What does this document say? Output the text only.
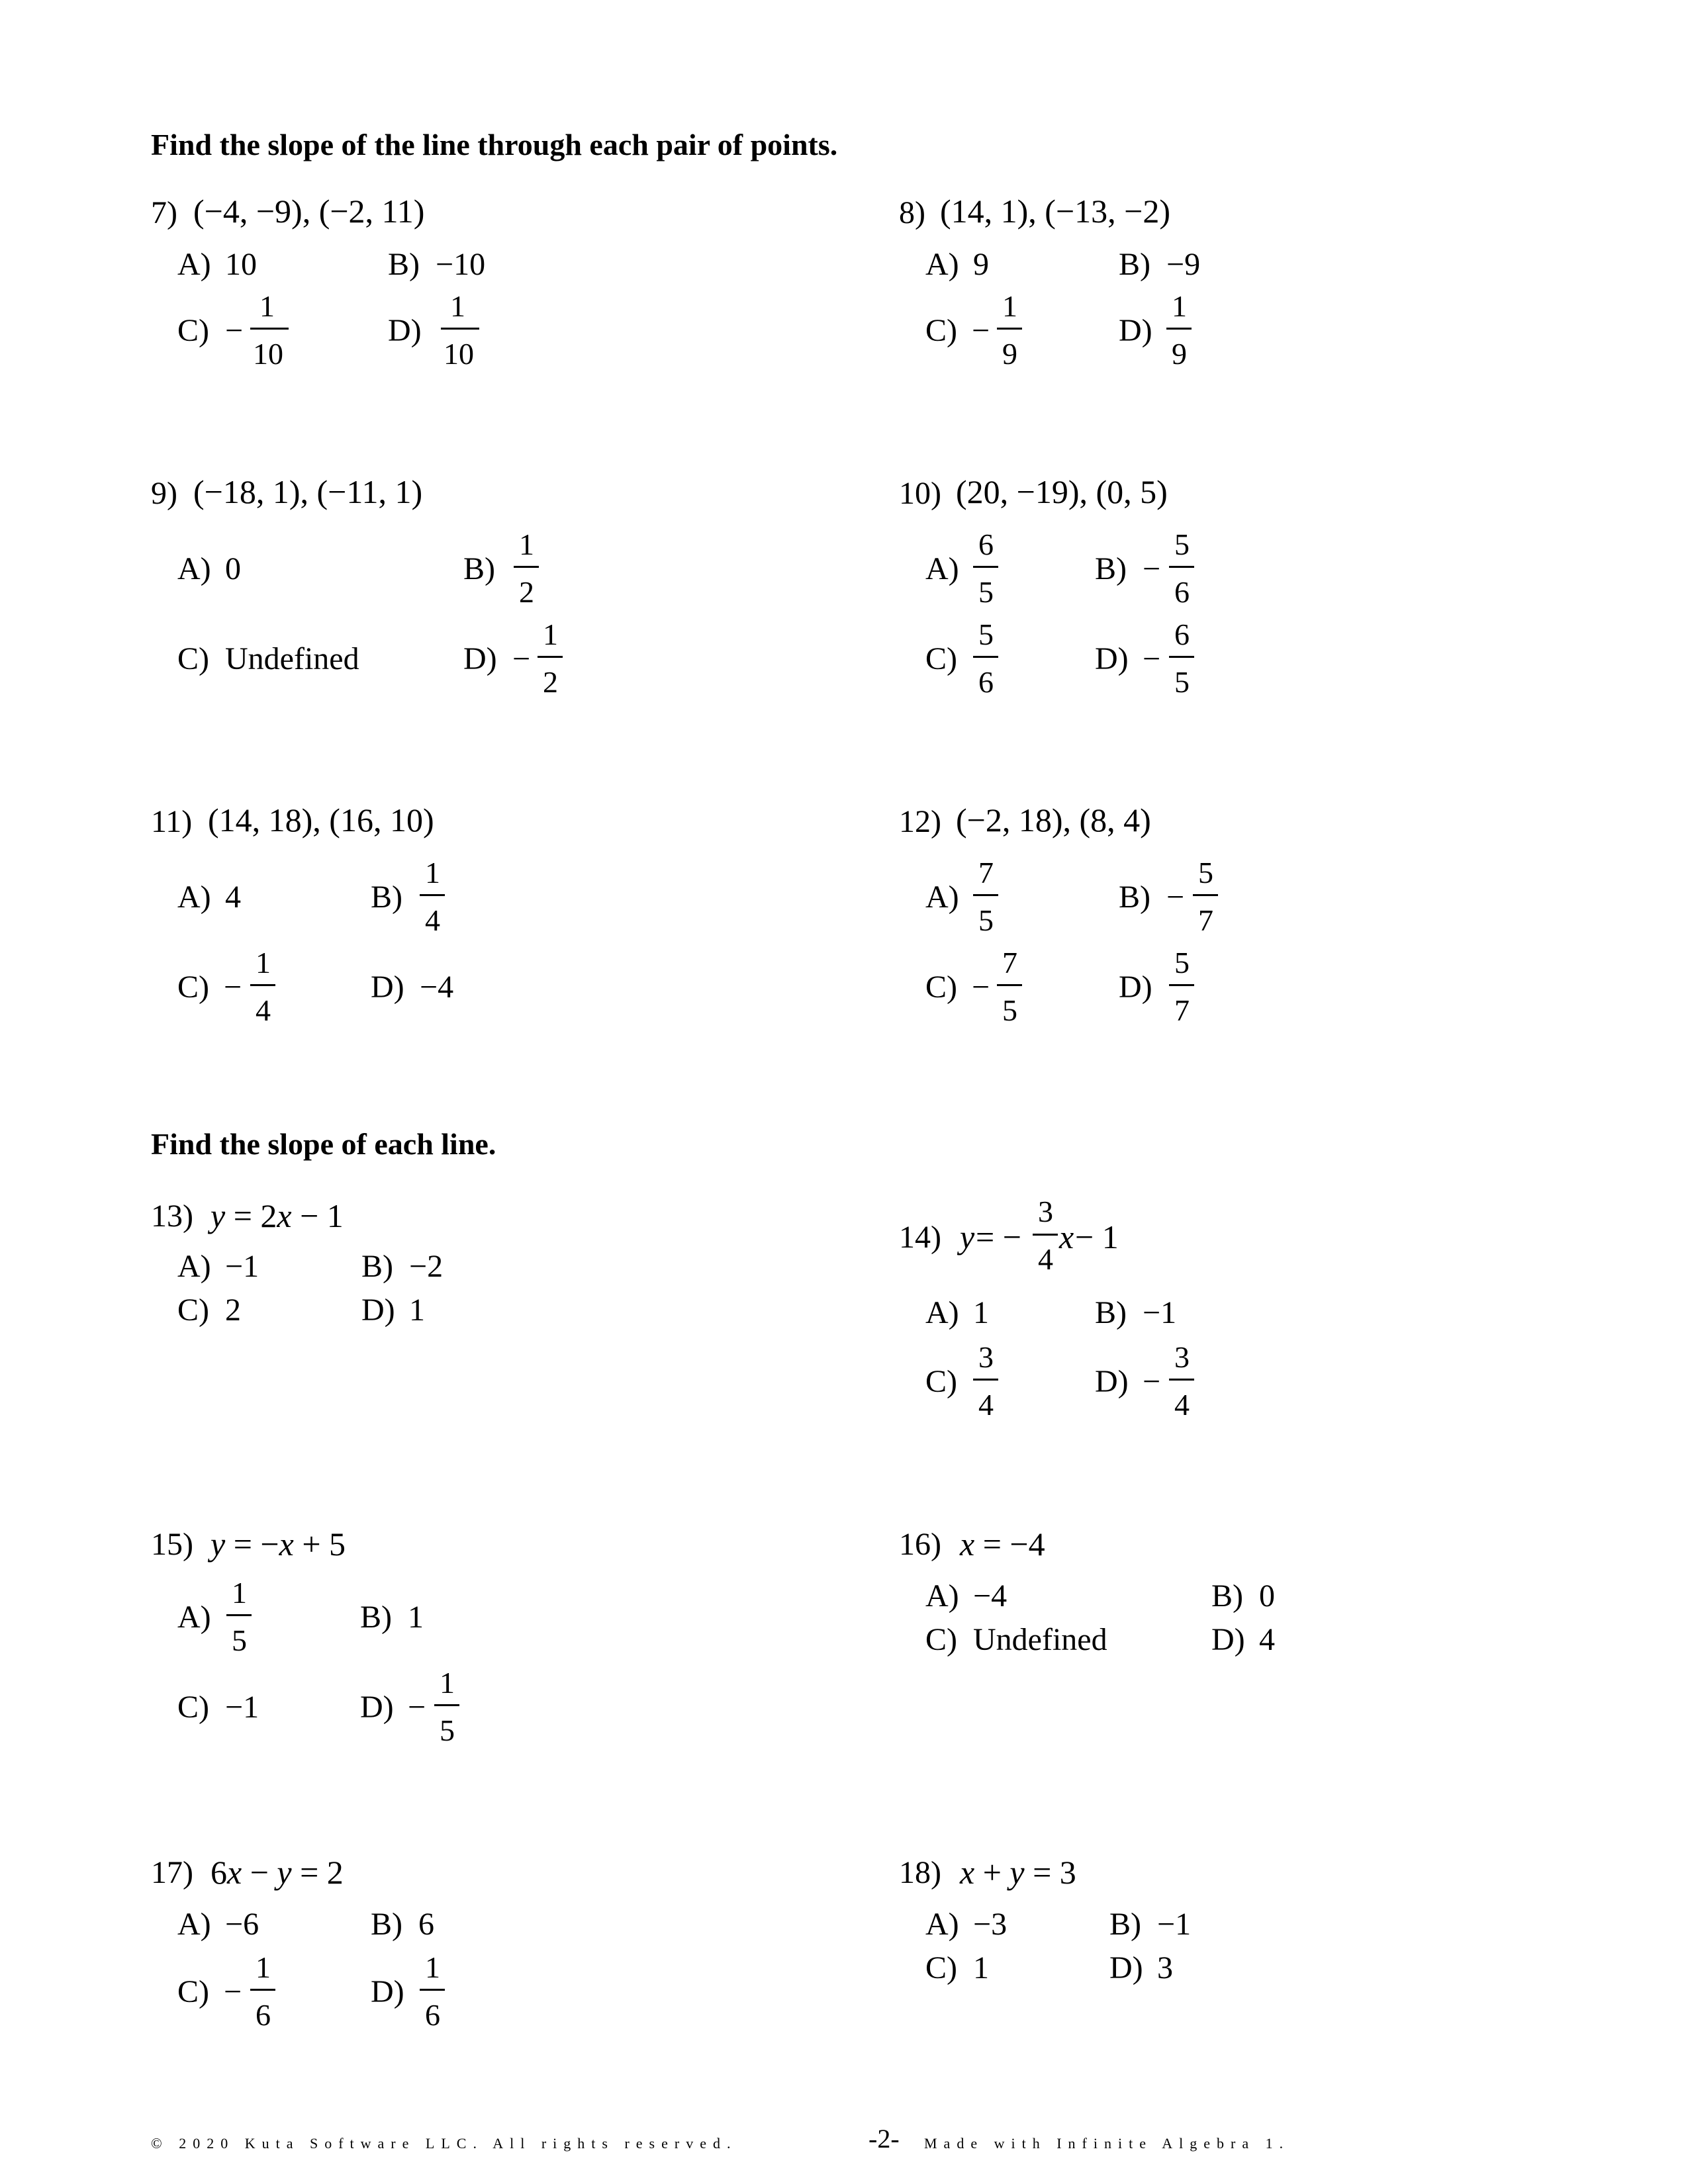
Find the slope of the line through each pair of points.
Find the slope of each line.
7) (−4, −9), (−2, 11)
A) 10	B) −10
C) −
1
10
D)
1
10
8) (14, 1), (−13, −2)
A) 9	B) −9
C) −
1
9
D)
1
9
9) (−18, 1), (−11, 1)
A) 0	B)
1
2
C) Undefined	D) −
1
2
10) (20, −19), (0, 5)
A)
6
5
B) −
5
6
C)
5
6
D) −
6
5
11) (14, 18), (16, 10)
A) 4	B)
1
4
C) −
1
4
D) −4
12) (−2, 18), (8, 4)
A)
7
5
B) −
5
7
C) −
7
5
D)
5
7
13) y = 2x − 1
A) −1	B) −2
C) 2	D) 1
14) y = −
3
4
x − 1
A) 1	B) −1
C)
3
4
D) −
3
4
15) y = −x + 5
A)
1
5
B) 1
C) −1	D) −
1
5
16) x = −4
A) −4	B) 0
C) Undefined	D) 4
17) 6x − y = 2
A) −6	B) 6
C) −
1
6
D)
1
6
18) x + y = 3
A) −3	B) −1
C) 1	D) 3
© 2020 Kuta Software LLC. All rights reserved.	-2- Made with Infinite Algebra 1.
